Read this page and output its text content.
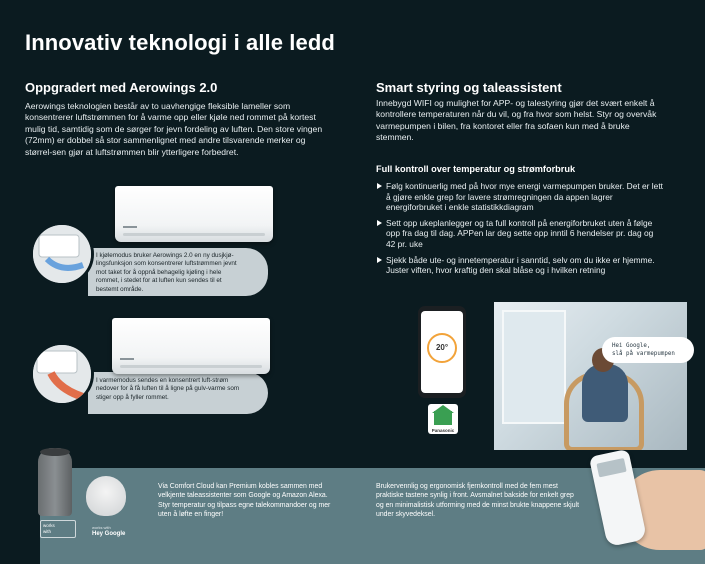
Innovativ teknologi i alle ledd
Oppgradert med Aerowings 2.0
Aerowings teknologien består av to uavhengige fleksible lameller som konsentrerer luftstrømmen for å varme opp eller kjøle ned rommet på kortest mulig tid, samtidig som de sørger for jevn fordeling av luften. Den store vingen (72mm) er dobbel så stor sammenlignet med andre tilsvarende merker og størrel-sen gjør at luftstrømmen blir ytterligere forbedret.
Smart styring og taleassistent
Innebygd WIFI og mulighet for APP- og talestyring gjør det svært enkelt å kontrollere temperaturen når du vil, og fra hvor som helst. Styr og overvåk varmepumpen i bilen, fra kontoret eller fra sofaen kun med å bruke stemmen.
Full kontroll over temperatur og strømforbruk
Følg kontinuerlig med på hvor mye energi varmepumpen bruker. Det er lett å gjøre enkle grep for lavere strømregningen da appen lagrer energiforbruket i enkle statistikkdiagram
Sett opp ukeplanlegger og ta full kontroll på energiforbruket uten å følge opp fra dag til dag. APPen lar deg sette opp inntil 6 hendelser pr. dag og 42 pr. uke
Sjekk både ute- og innetemperatur i sanntid, selv om du ikke er hjemme. Juster viften, hvor kraftig den skal blåse og i hvilken retning
I kjølemodus bruker Aerowings 2.0 en ny dusjkjø-lingsfunksjon som konsentrerer luftstrømmen jevnt mot taket for å oppnå behagelig kjøling i hele rommet, i stedet for at luften kun sendes til et bestemt område.
I varmemodus sendes en konsentrert luft-strøm nedover for å få luften til å ligne på gulv-varme som stiger opp å fyller rommet.
20°
Panasonic
Hei Google,
slå på varmepumpen
works
with
works with
Hey Google
Via Comfort Cloud kan Premium kobles sammen med velkjente taleassistenter som Google og Amazon Alexa. Styr temperatur og tilpass egne talekommandoer og mer uten å løfte en finger!
Brukervennlig og ergonomisk fjernkontroll med de fem mest praktiske tastene synlig i front. Avsmalnet bakside for enkelt grep og en minimalistisk utforming med de minst brukte knappene skjult under skyvedeksel.
